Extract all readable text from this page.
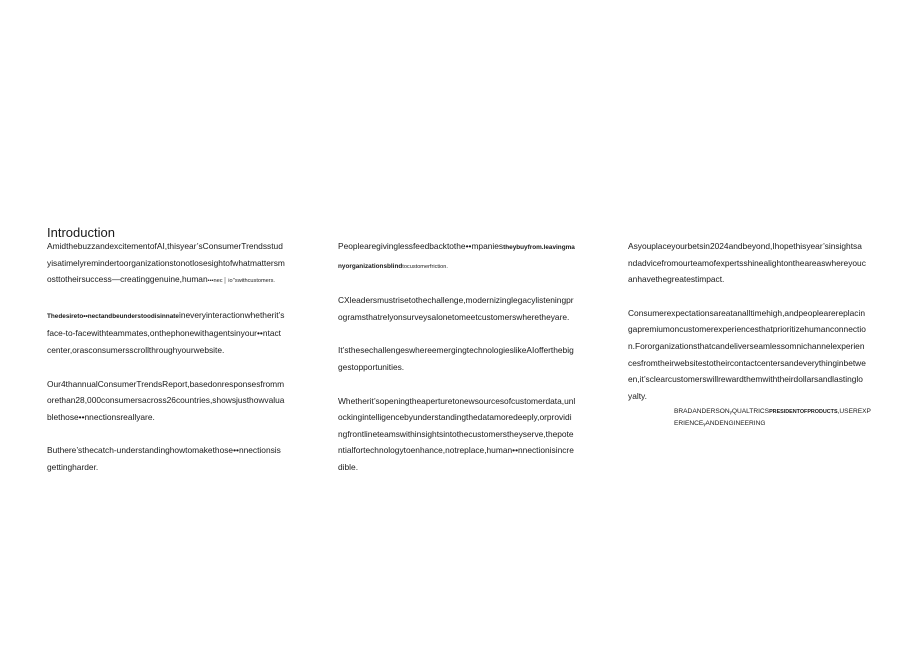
Introduction

AmidthebuzzandexcitementofAI,thisyear’sConsumerTrendsstudyisatimelyremindertoorganizationstonotlosesightofwhatmattersmosttotheirsuccess—creatinggenuine,human•••nec │ io’’swithcustomers.

Thedesireto••nectandbeunderstoodisinnateineveryinteractionwhetherit’sface-to-facewithteammates,onthephonewithagentsinyour••ntactcenter,orasconsumersscrollthroughyourwebsite.

Our4thannualConsumerTrendsReport,basedonresponsesfrommorethan28,000consumersacross26countries,showsjusthowvaluablethose••nnectionsreallyare.

Buthere’sthecatch-understandinghowtomakethose••nnectionsisgettingharder.

Peoplearegivinglessfeedbacktothe••mpaniestheybuyfrom.leavingmanyorganizationsblindtocustomerfriction.

CXleadersmustrisetothechallenge,modernizinglegacylisteningprogramsthatrelyonsurveysalonetomeetcustomerswheretheyare.

It’sthesechallengeswhereemergingtechnologieslikeAIofferthebiggestopportunities.

Whetherit’sopeningtheaperturetonewsourcesofcustomerdata,unlockingintelligencebyunderstandingthedatamoredeeply,orprovidingfrontlineteamswithinsightsintothecustomerstheyserve,thepotentialfortechnologytoenhance,notreplace,human••nnectionisincredible.

Asyouplaceyourbetsin2024andbeyond,Ihopethisyear’sinsightsandadvicefromourteamofexpertsshinealightontheareaswhereyoucanhavethegreatestimpact.

Consumerexpectationsareatanalltimehigh,andpeoplearereplacingapremiumoncustomerexperiencesthatprioritizehumanconnection.Fororganizationsthatcandeliverseamlessomnichannelexperiencesfromtheirwebsitestotheircontactcentersandeverythinginbetween,it’sclearcustomerswillrewardthemwiththeirdollarsandlastingloyalty.

BRADANDERSONᵧQUALTRICSPRESIDENTOFPRODUCTS,USEREXPERIENCEᵧANDENGINEERING
